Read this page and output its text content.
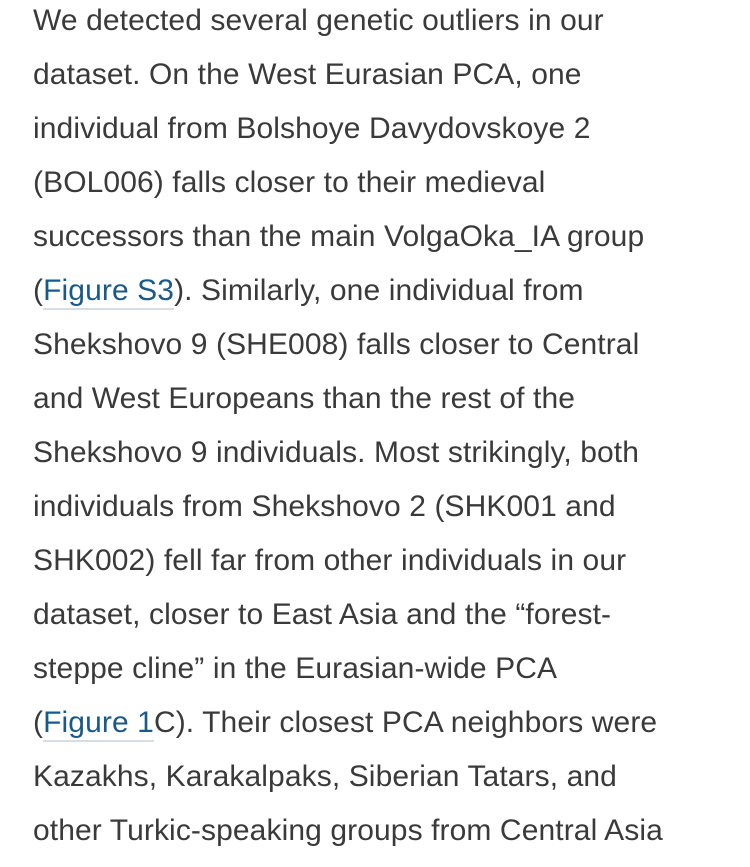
We detected several genetic outliers in our
dataset. On the West Eurasian PCA, one
individual from Bolshoye Davydovskoye 2
(BOL006) falls closer to their medieval
successors than the main VolgaOka_IA group
(Figure S3). Similarly, one individual from
Shekshovo 9 (SHE008) falls closer to Central
and West Europeans than the rest of the
Shekshovo 9 individuals. Most strikingly, both
individuals from Shekshovo 2 (SHK001 and
SHK002) fell far from other individuals in our
dataset, closer to East Asia and the “forest-
steppe cline” in the Eurasian-wide PCA
(Figure 1C). Their closest PCA neighbors were
Kazakhs, Karakalpaks, Siberian Tatars, and
other Turkic-speaking groups from Central Asia
